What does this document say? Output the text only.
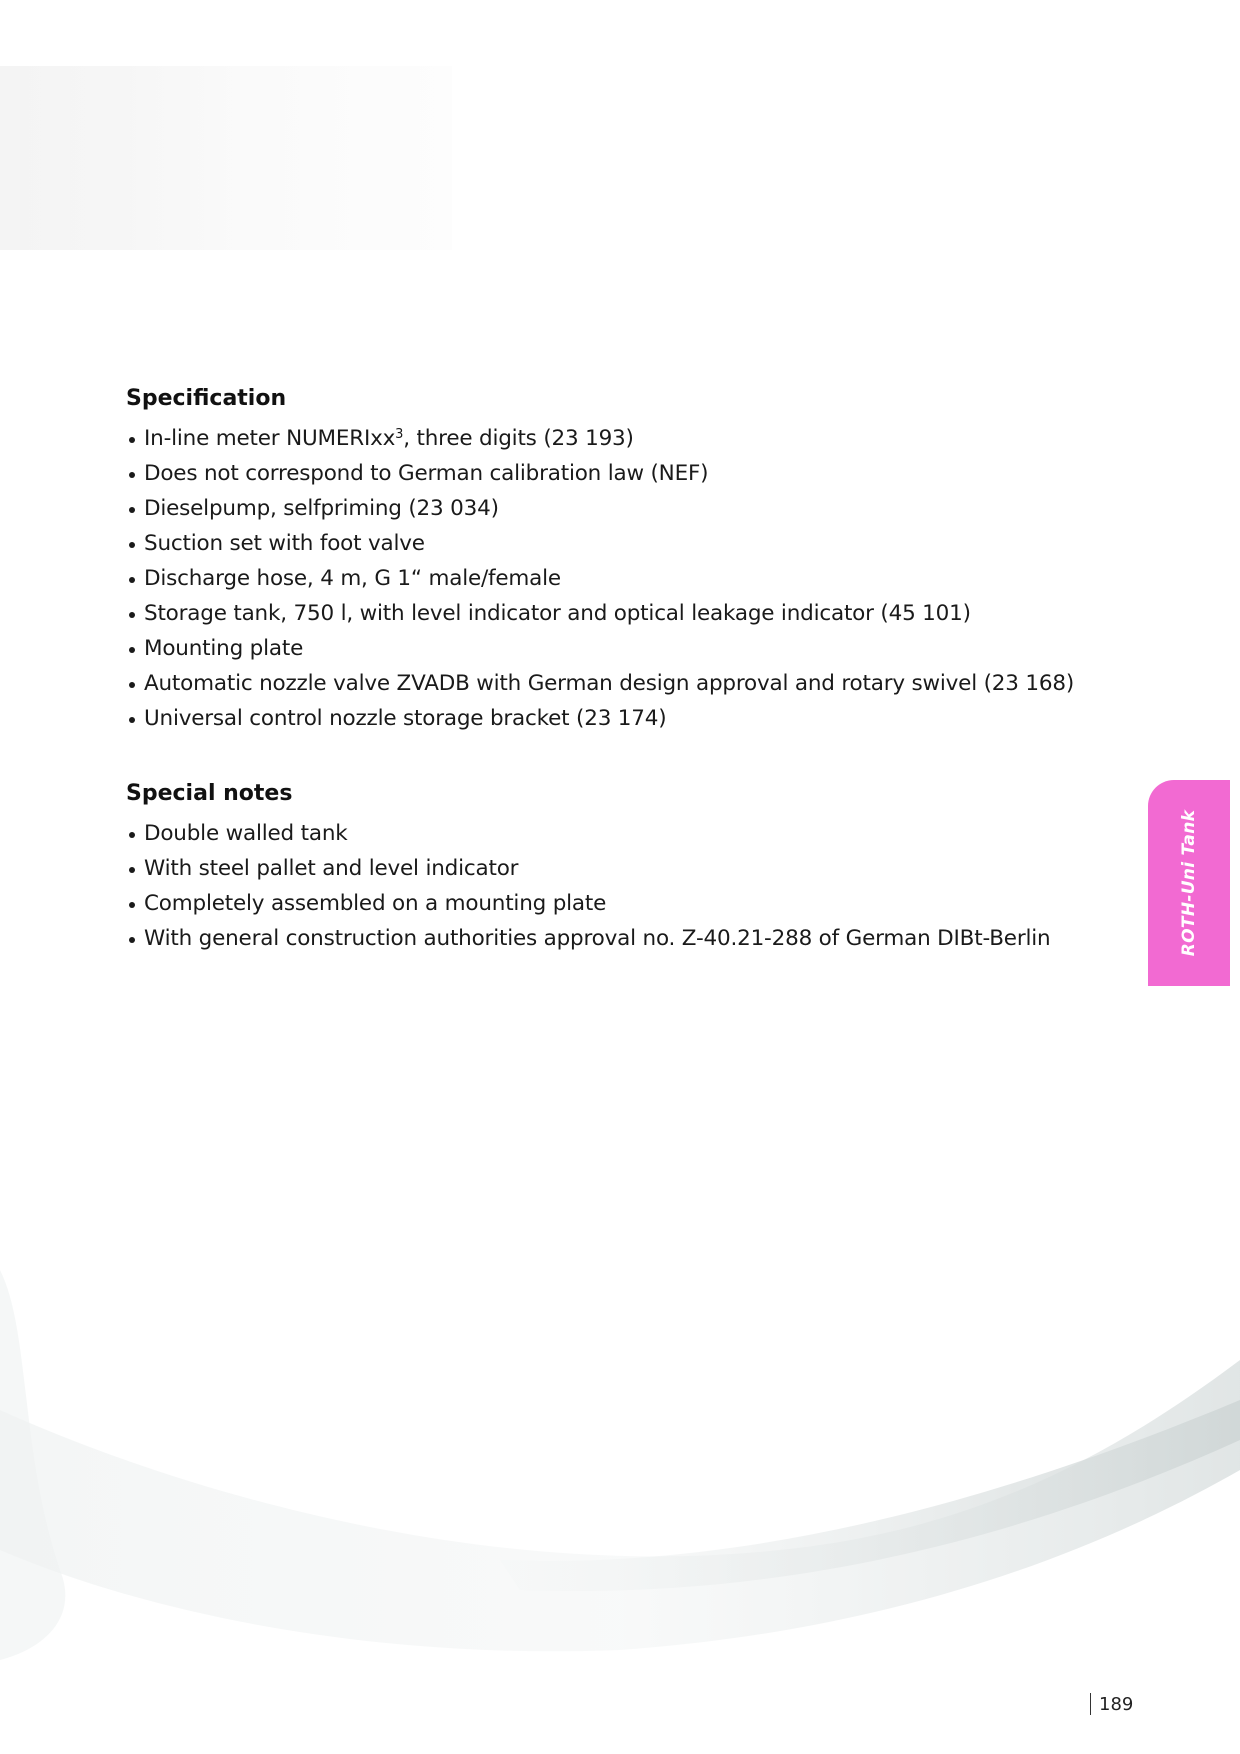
Specification
In-line meter NUMERIxx$^3$, three digits (23 193)
Does not correspond to German calibration law (NEF)
Dieselpump, selfpriming (23 034)
Suction set with foot valve
Discharge hose, 4 m, G 1“ male/female
Storage tank, 750 l, with level indicator and optical leakage indicator (45 101)
Mounting plate
Automatic nozzle valve ZVADB with German design approval and rotary swivel (23 168)
Universal control nozzle storage bracket (23 174)
Special notes
Double walled tank
With steel pallet and level indicator
Completely assembled on a mounting plate
With general construction authorities approval no. Z-40.21-288 of German DIBt-Berlin	ROTH-Uni Tank
189
